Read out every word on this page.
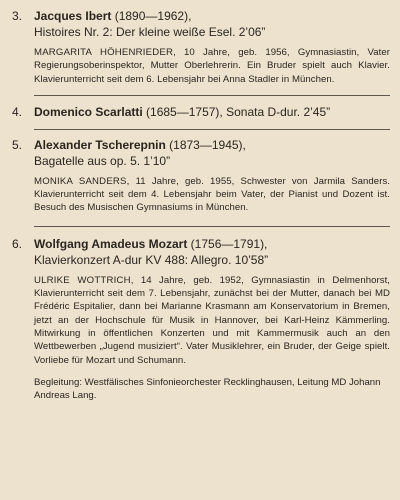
3. Jacques Ibert (1890—1962),
Histoires Nr. 2: Der kleine weiße Esel. 2’06”
MARGARITA HÖHENRIEDER, 10 Jahre, geb. 1956, Gymnasiastin, Vater Regierungsoberinspektor, Mutter Oberlehrerin. Ein Bruder spielt auch Klavier. Klavierunterricht seit dem 6. Lebensjahr bei Anna Stadler in München.
4. Domenico Scarlatti (1685—1757), Sonata D-dur. 2’45”
5. Alexander Tscherepnin (1873—1945),
Bagatelle aus op. 5. 1’10”
MONIKA SANDERS, 11 Jahre, geb. 1955, Schwester von Jarmila Sanders. Klavierunterricht seit dem 4. Lebensjahr beim Vater, der Pianist und Dozent ist. Besuch des Musischen Gymnasiums in München.
6. Wolfgang Amadeus Mozart (1756—1791),
Klavierkonzert A-dur KV 488: Allegro. 10’58”
ULRIKE WOTTRICH, 14 Jahre, geb. 1952, Gymnasiastin in Delmenhorst, Klavierunterricht seit dem 7. Lebensjahr, zunächst bei der Mutter, danach bei MD Frédéric Espitalier, dann bei Marianne Krasmann am Konservatorium in Bremen, jetzt an der Hochschule für Musik in Hannover, bei Karl-Heinz Kämmerling. Mitwirkung in öffentlichen Konzerten und mit Kammermusik auch an den Wettbewerben „Jugend musiziert“. Vater Musiklehrer, ein Bruder, der Geige spielt. Vorliebe für Mozart und Schumann.
Begleitung: Westfälisches Sinfonieorchester Recklinghausen, Leitung MD Johann Andreas Lang.
